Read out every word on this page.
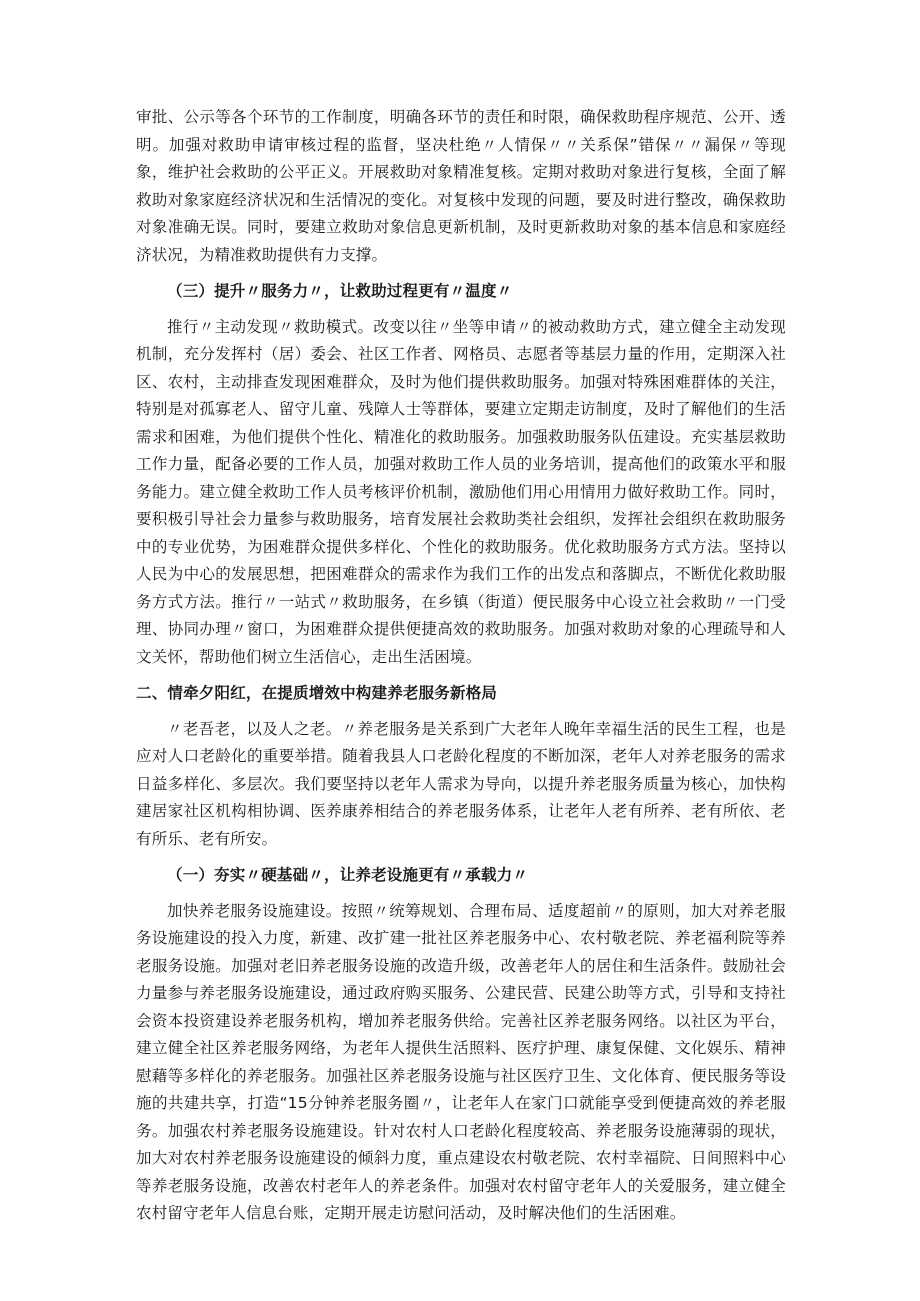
审批、公示等各个环节的工作制度，明确各环节的责任和时限，确保救助程序规范、公开、透明。加强对救助申请审核过程的监督，坚决杜绝〃人情保〃〃关系保”错保〃〃漏保〃等现象，维护社会救助的公平正义。开展救助对象精准复核。定期对救助对象进行复核，全面了解救助对象家庭经济状况和生活情况的变化。对复核中发现的问题，要及时进行整改，确保救助对象准确无误。同时，要建立救助对象信息更新机制，及时更新救助对象的基本信息和家庭经济状况，为精准救助提供有力支撑。

（三）提升〃服务力〃，让救助过程更有〃温度〃

推行〃主动发现〃救助模式。改变以往〃坐等申请〃的被动救助方式，建立健全主动发现机制，充分发挥村（居）委会、社区工作者、网格员、志愿者等基层力量的作用，定期深入社区、农村，主动排查发现困难群众，及时为他们提供救助服务。加强对特殊困难群体的关注，特别是对孤寡老人、留守儿童、残障人士等群体，要建立定期走访制度，及时了解他们的生活需求和困难，为他们提供个性化、精准化的救助服务。加强救助服务队伍建设。充实基层救助工作力量，配备必要的工作人员，加强对救助工作人员的业务培训，提高他们的政策水平和服务能力。建立健全救助工作人员考核评价机制，激励他们用心用情用力做好救助工作。同时，要积极引导社会力量参与救助服务，培育发展社会救助类社会组织，发挥社会组织在救助服务中的专业优势，为困难群众提供多样化、个性化的救助服务。优化救助服务方式方法。坚持以人民为中心的发展思想，把困难群众的需求作为我们工作的出发点和落脚点，不断优化救助服务方式方法。推行〃一站式〃救助服务，在乡镇（街道）便民服务中心设立社会救助〃一门受理、协同办理〃窗口，为困难群众提供便捷高效的救助服务。加强对救助对象的心理疏导和人文关怀，帮助他们树立生活信心，走出生活困境。

二、情牵夕阳红，在提质增效中构建养老服务新格局

〃老吾老，以及人之老。〃养老服务是关系到广大老年人晚年幸福生活的民生工程，也是应对人口老龄化的重要举措。随着我县人口老龄化程度的不断加深，老年人对养老服务的需求日益多样化、多层次。我们要坚持以老年人需求为导向，以提升养老服务质量为核心，加快构建居家社区机构相协调、医养康养相结合的养老服务体系，让老年人老有所养、老有所依、老有所乐、老有所安。

（一）夯实〃硬基础〃，让养老设施更有〃承载力〃

加快养老服务设施建设。按照〃统筹规划、合理布局、适度超前〃的原则，加大对养老服务设施建设的投入力度，新建、改扩建一批社区养老服务中心、农村敬老院、养老福利院等养老服务设施。加强对老旧养老服务设施的改造升级，改善老年人的居住和生活条件。鼓励社会力量参与养老服务设施建设，通过政府购买服务、公建民营、民建公助等方式，引导和支持社会资本投资建设养老服务机构，增加养老服务供给。完善社区养老服务网络。以社区为平台，建立健全社区养老服务网络，为老年人提供生活照料、医疗护理、康复保健、文化娱乐、精神慰藉等多样化的养老服务。加强社区养老服务设施与社区医疗卫生、文化体育、便民服务等设施的共建共享，打造“15分钟养老服务圈〃，让老年人在家门口就能享受到便捷高效的养老服务。加强农村养老服务设施建设。针对农村人口老龄化程度较高、养老服务设施薄弱的现状，加大对农村养老服务设施建设的倾斜力度，重点建设农村敬老院、农村幸福院、日间照料中心等养老服务设施，改善农村老年人的养老条件。加强对农村留守老年人的关爱服务，建立健全农村留守老年人信息台账，定期开展走访慰问活动，及时解决他们的生活困难。
